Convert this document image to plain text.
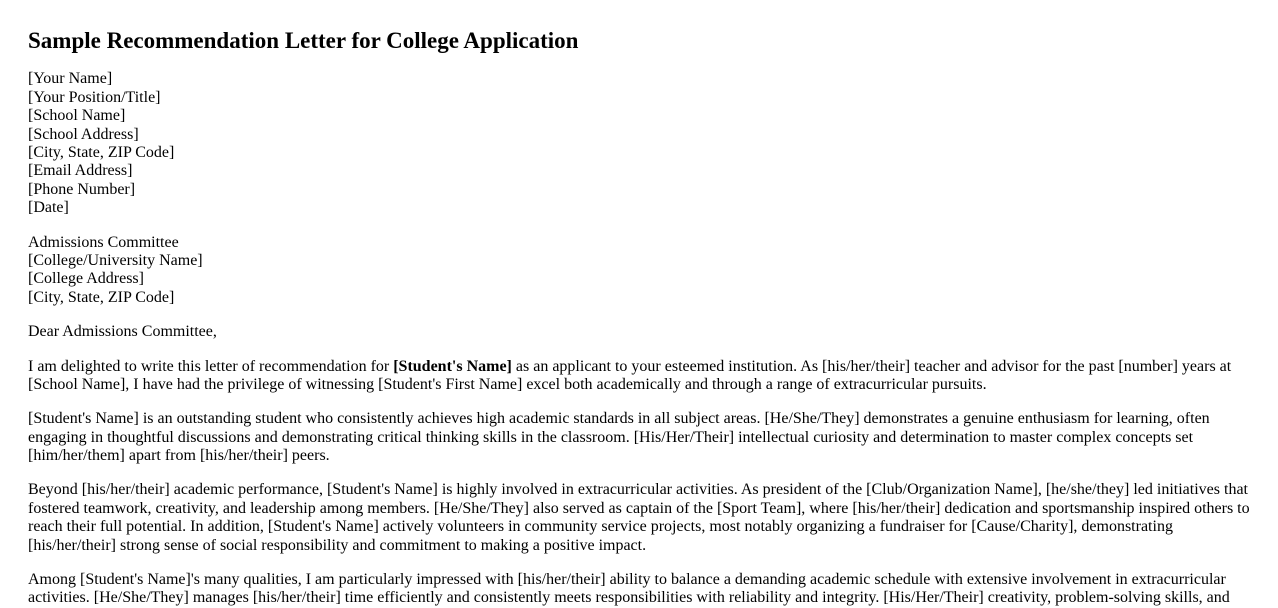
Sample Recommendation Letter for College Application
[Your Name]
[Your Position/Title]
[School Name]
[School Address]
[City, State, ZIP Code]
[Email Address]
[Phone Number]
[Date]
Admissions Committee
[College/University Name]
[College Address]
[City, State, ZIP Code]

Dear Admissions Committee,

I am delighted to write this letter of recommendation for [Student's Name] as an applicant to your esteemed institution. As [his/her/their] teacher and advisor for the past [number] years at [School Name], I have had the privilege of witnessing [Student's First Name] excel both academically and through a range of extracurricular pursuits.

[Student's Name] is an outstanding student who consistently achieves high academic standards in all subject areas. [He/She/They] demonstrates a genuine enthusiasm for learning, often engaging in thoughtful discussions and demonstrating critical thinking skills in the classroom. [His/Her/Their] intellectual curiosity and determination to master complex concepts set [him/her/them] apart from [his/her/their] peers.

Beyond [his/her/their] academic performance, [Student's Name] is highly involved in extracurricular activities. As president of the [Club/Organization Name], [he/she/they] led initiatives that fostered teamwork, creativity, and leadership among members. [He/She/They] also served as captain of the [Sport Team], where [his/her/their] dedication and sportsmanship inspired others to reach their full potential. In addition, [Student's Name] actively volunteers in community service projects, most notably organizing a fundraiser for [Cause/Charity], demonstrating [his/her/their] strong sense of social responsibility and commitment to making a positive impact.

Among [Student's Name]'s many qualities, I am particularly impressed with [his/her/their] ability to balance a demanding academic schedule with extensive involvement in extracurricular activities. [He/She/They] manages [his/her/their] time efficiently and consistently meets responsibilities with reliability and integrity. [His/Her/Their] creativity, problem-solving skills, and
